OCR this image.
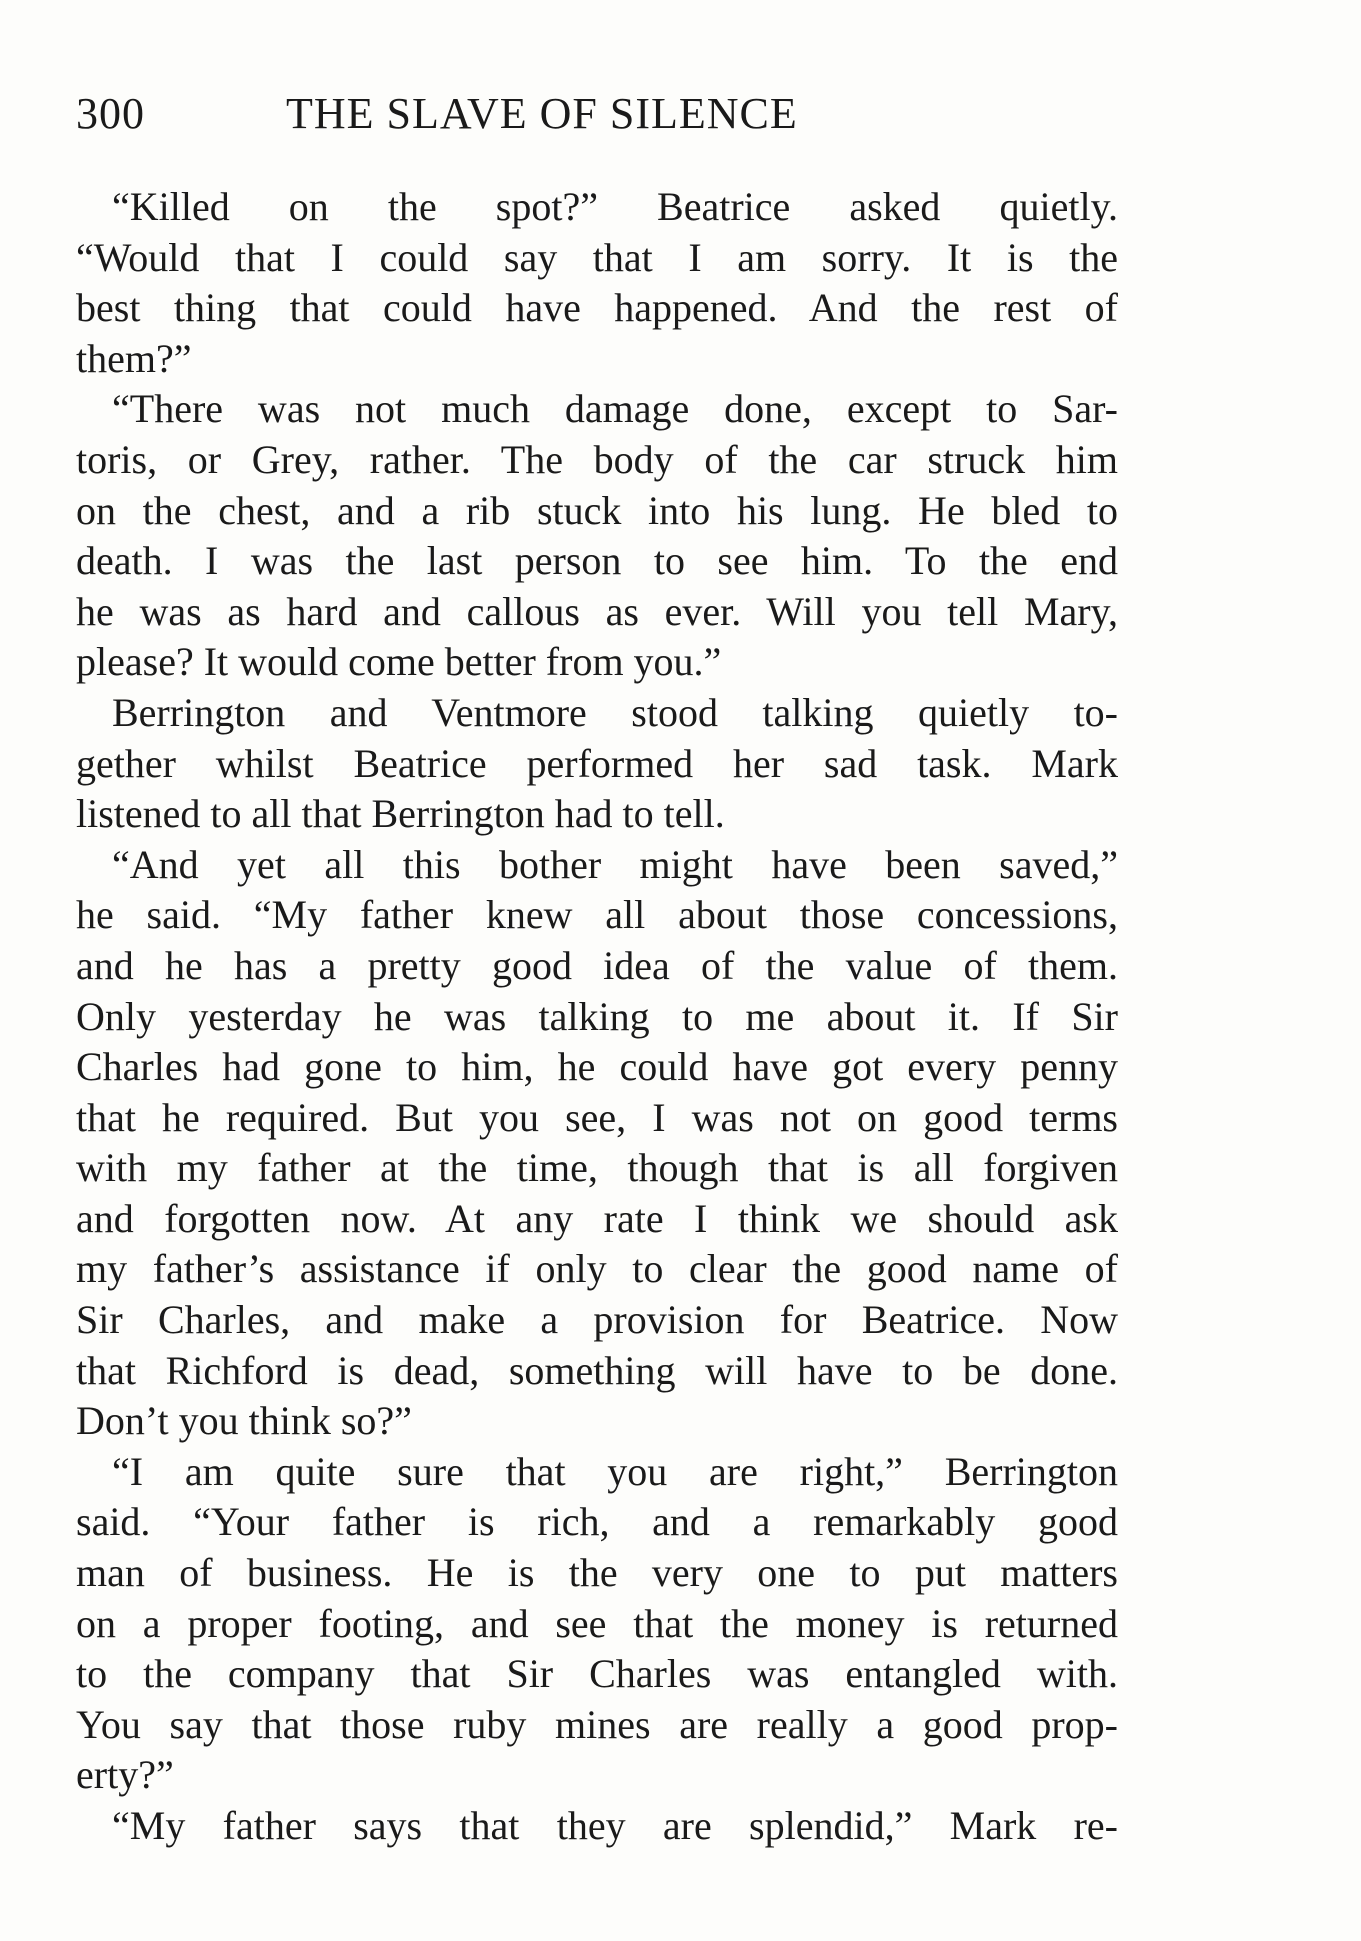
300	THE SLAVE OF SILENCE
“Killed on the spot?” Beatrice asked quietly.
“Would that I could say that I am sorry. It is the
best thing that could have happened. And the rest of
them?”
“There was not much damage done, except to Sar-
toris, or Grey, rather. The body of the car struck him
on the chest, and a rib stuck into his lung. He bled to
death. I was the last person to see him. To the end
he was as hard and callous as ever. Will you tell Mary,
please? It would come better from you.”
Berrington and Ventmore stood talking quietly to-
gether whilst Beatrice performed her sad task. Mark
listened to all that Berrington had to tell.
“And yet all this bother might have been saved,”
he said. “My father knew all about those concessions,
and he has a pretty good idea of the value of them.
Only yesterday he was talking to me about it. If Sir
Charles had gone to him, he could have got every penny
that he required. But you see, I was not on good terms
with my father at the time, though that is all forgiven
and forgotten now. At any rate I think we should ask
my father’s assistance if only to clear the good name of
Sir Charles, and make a provision for Beatrice. Now
that Richford is dead, something will have to be done.
Don’t you think so?”
“I am quite sure that you are right,” Berrington
said. “Your father is rich, and a remarkably good
man of business. He is the very one to put matters
on a proper footing, and see that the money is returned
to the company that Sir Charles was entangled with.
You say that those ruby mines are really a good prop-
erty?”
“My father says that they are splendid,” Mark re-
